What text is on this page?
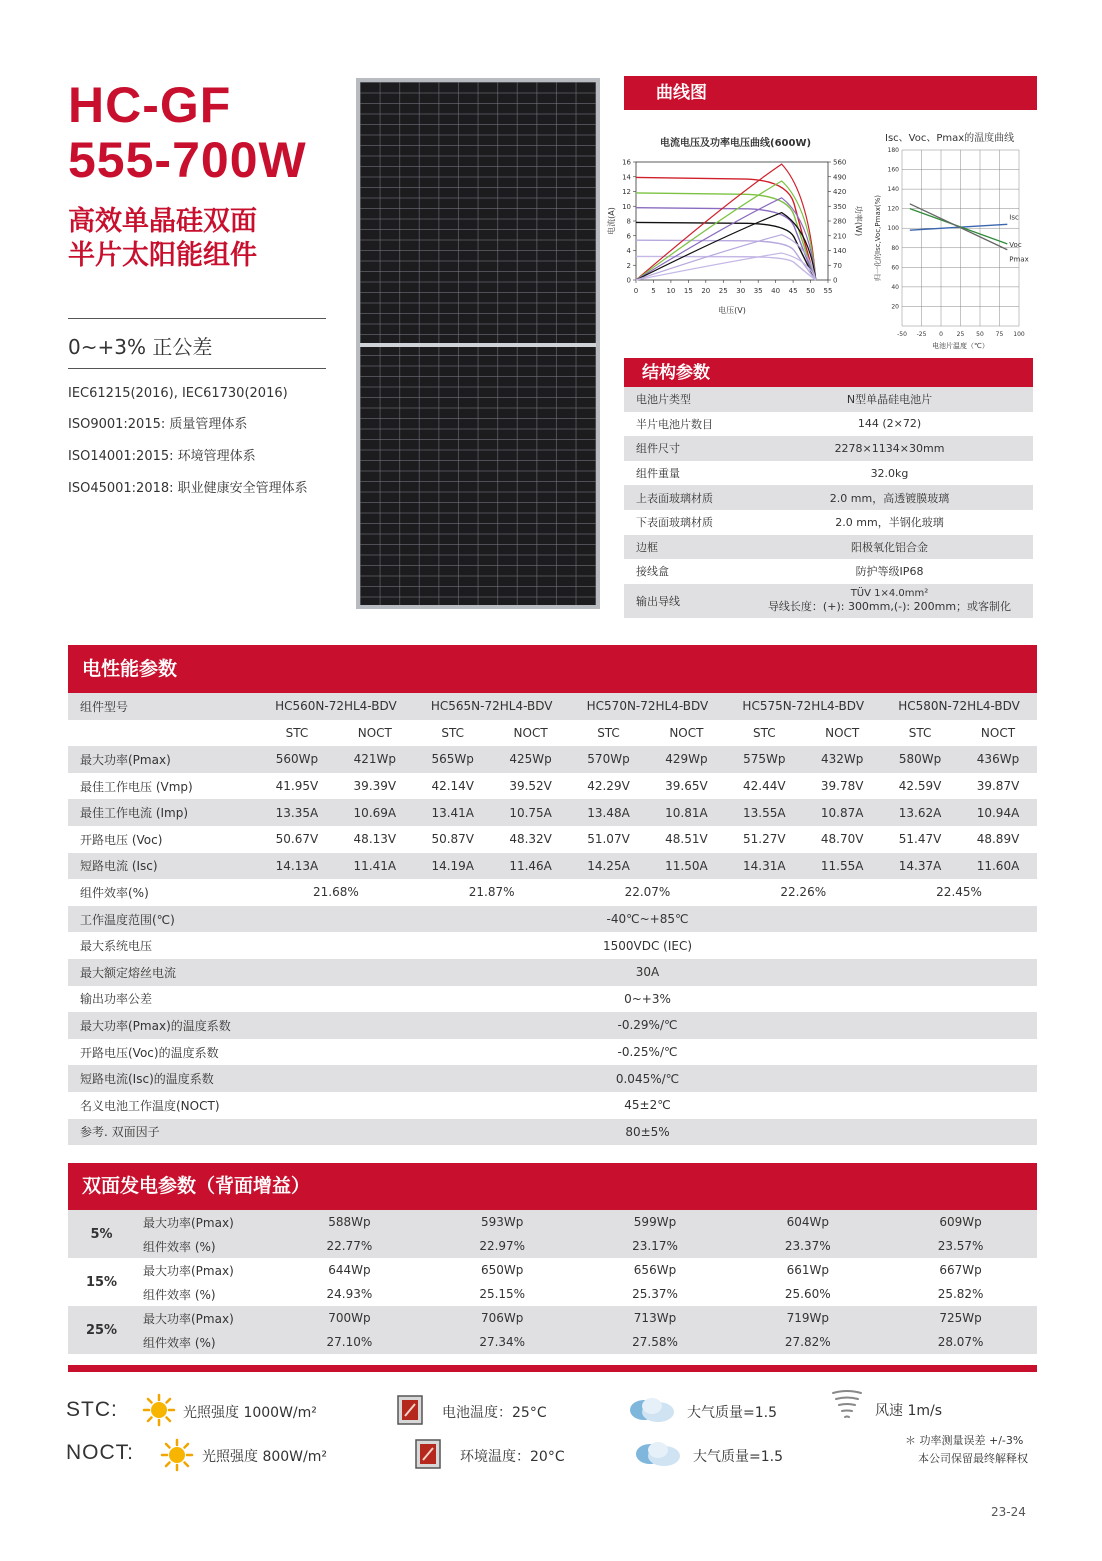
HC-GF
555-700W
高效单晶硅双面
半片太阳能组件
0~+3% 正公差
IEC61215(2016), IEC61730(2016)
ISO9001:2015: 质量管理体系
ISO14001:2015: 环境管理体系
ISO45001:2018: 职业健康安全管理体系
曲线图
电流电压及功率电压曲线(600W)
0 5 10 15 20 25 30 35 40 45 50 55
0
2
4
6
8
10
12
14
16
0
70
140
210
280
350
420
490
560
电压(V)
电流(A)	功率(W)
Isc、Voc、Pmax的温度曲线
-50 -25 0 25 50 75 100
20
40
60
80
100
120
140
160
180
电池片温度（℃）
归一化的Isc,Voc,Pmax(%)	Isc
Voc
Pmax
结构参数
电池片类型	N型单晶硅电池片

半片电池片数目	144 (2×72)

组件尺寸	2278×1134×30mm

组件重量	32.0kg

上表面玻璃材质	2.0 mm，高透镀膜玻璃

下表面玻璃材质	2.0 mm，半钢化玻璃

边框	阳极氧化铝合金

接线盒	防护等级IP68

输出导线	TÜV 1×4.0mm²
导线长度：(+): 300mm,(-): 200mm；或客制化
电性能参数
组件型号	HC560N-72HL4-BDV		HC565N-72HL4-BDV		HC570N-72HL4-BDV		HC575N-72HL4-BDV		HC580N-72HL4-BDV	
	STC	NOCT	STC	NOCT	STC	NOCT	STC	NOCT	STC	NOCT
最大功率(Pmax)	560Wp	421Wp	565Wp	425Wp	570Wp	429Wp	575Wp	432Wp	580Wp	436Wp
最佳工作电压 (Vmp)	41.95V	39.39V	42.14V	39.52V	42.29V	39.65V	42.44V	39.78V	42.59V	39.87V
最佳工作电流 (Imp)	13.35A	10.69A	13.41A	10.75A	13.48A	10.81A	13.55A	10.87A	13.62A	10.94A
开路电压 (Voc)	50.67V	48.13V	50.87V	48.32V	51.07V	48.51V	51.27V	48.70V	51.47V	48.89V
短路电流 (Isc)	14.13A	11.41A	14.19A	11.46A	14.25A	11.50A	14.31A	11.55A	14.37A	11.60A
组件效率(%)	21.68%		21.87%		22.07%		22.26%		22.45%	
工作温度范围(℃)	-40℃~+85℃									
最大系统电压	1500VDC (IEC)									
最大额定熔丝电流	30A									
输出功率公差	0~+3%									
最大功率(Pmax)的温度系数	-0.29%/℃									
开路电压(Voc)的温度系数	-0.25%/℃									
短路电流(Isc)的温度系数	0.045%/℃									
名义电池工作温度(NOCT)	45±2℃									
参考. 双面因子	80±5%									
双面发电参数（背面增益）
5%	最大功率(Pmax)	588Wp	593Wp	599Wp	604Wp	609Wp
	组件效率 (%)	22.77%	22.97%	23.17%	23.37%	23.57%
15%	最大功率(Pmax)	644Wp	650Wp	656Wp	661Wp	667Wp
	组件效率 (%)	24.93%	25.15%	25.37%	25.60%	25.82%
25%	最大功率(Pmax)	700Wp	706Wp	713Wp	719Wp	725Wp
	组件效率 (%)	27.10%	27.34%	27.58%	27.82%	28.07%
STC:	光照强度 1000W/m²	电池温度：25°C	大气质量=1.5	风速 1m/s
NOCT:	光照强度 800W/m²	环境温度：20°C	大气质量=1.5
＊ 功率测量误差 +/-3%
本公司保留最终解释权
23-24
